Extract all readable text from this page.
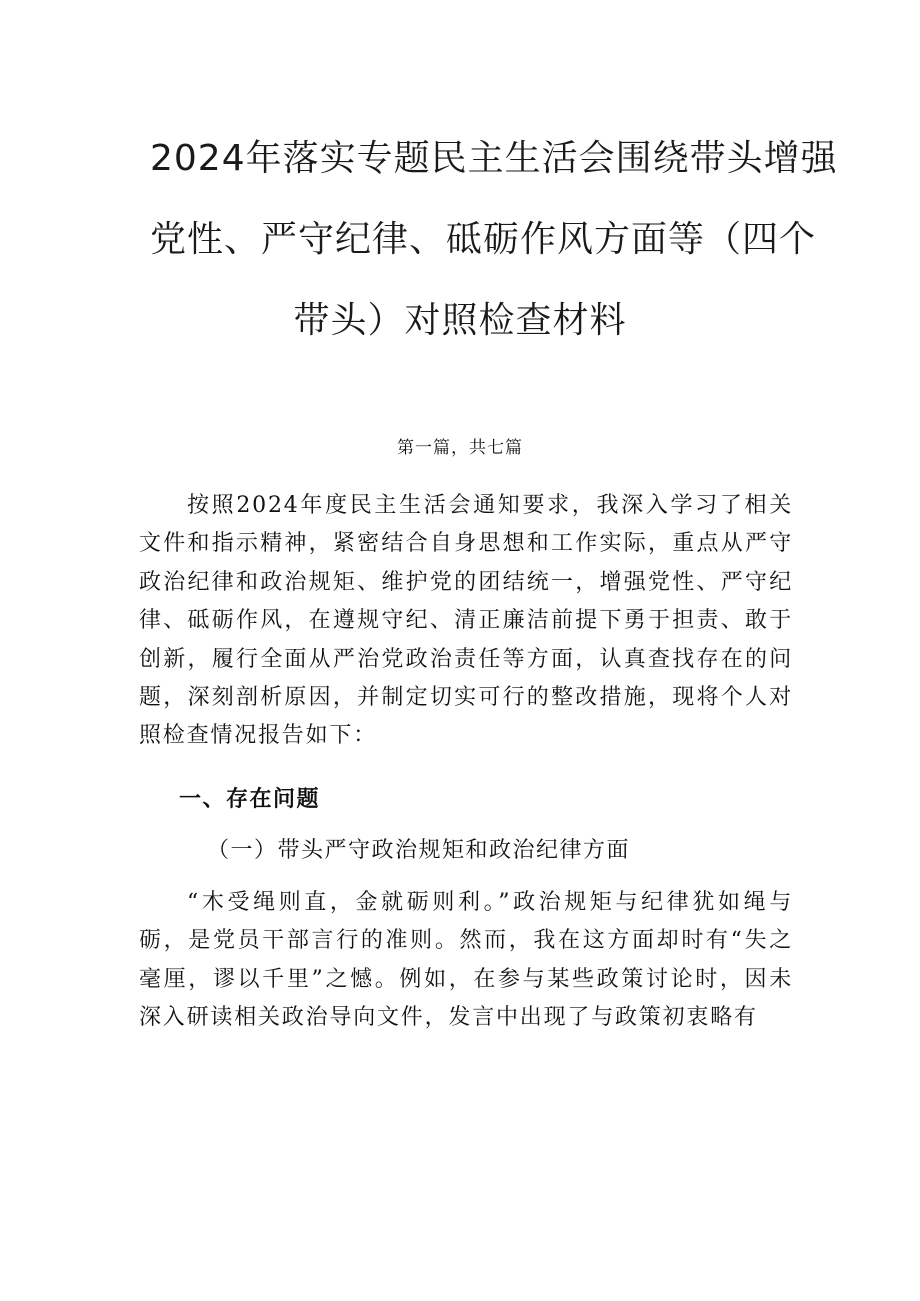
2024年落实专题民主生活会围绕带头增强
党性、严守纪律、砥砺作风方面等（四个
带头）对照检查材料
第一篇，共七篇

按照2024年度民主生活会通知要求，我深入学习了相关文件和指示精神，紧密结合自身思想和工作实际，重点从严守政治纪律和政治规矩、维护党的团结统一，增强党性、严守纪律、砥砺作风，在遵规守纪、清正廉洁前提下勇于担责、敢于创新，履行全面从严治党政治责任等方面，认真查找存在的问题，深刻剖析原因，并制定切实可行的整改措施，现将个人对照检查情况报告如下：

一、存在问题
（一）带头严守政治规矩和政治纪律方面

“木受绳则直，金就砺则利。”政治规矩与纪律犹如绳与砺，是党员干部言行的准则。然而，我在这方面却时有“失之毫厘，谬以千里”之憾。例如，在参与某些政策讨论时，因未深入研读相关政治导向文件，发言中出现了与政策初衷略有
